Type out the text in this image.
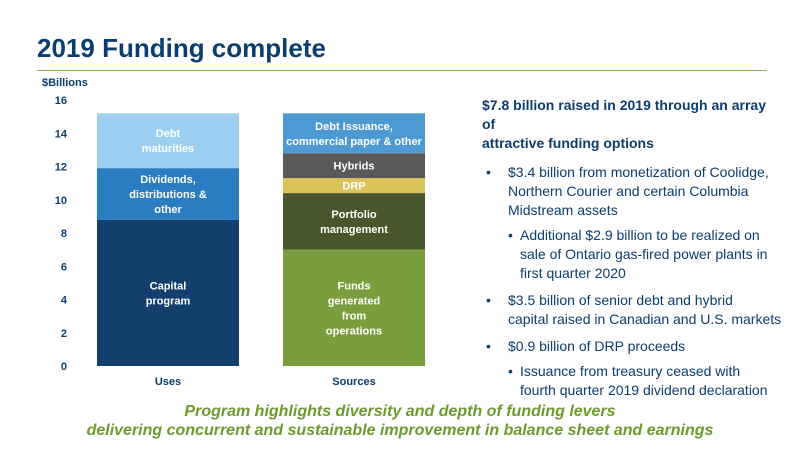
2019 Funding complete
$Billions
0
2
4
6
8
10
12
14
16
Capital program
Dividends, distributions & other
Debt maturities
Uses
Funds generated from operations
Portfolio management
DRP
Hybrids
Debt Issuance, commercial paper & other
Sources

$7.8 billion raised in 2019 through an array of
attractive funding options

• $3.4 billion from monetization of Coolidge,
Northern Courier and certain Columbia
Midstream assets
• Additional $2.9 billion to be realized on
sale of Ontario gas-fired power plants in
first quarter 2020
• $3.5 billion of senior debt and hybrid
capital raised in Canadian and U.S. markets
• $0.9 billion of DRP proceeds
• Issuance from treasury ceased with
fourth quarter 2019 dividend declaration
Program highlights diversity and depth of funding levers
delivering concurrent and sustainable improvement in balance sheet and earnings
